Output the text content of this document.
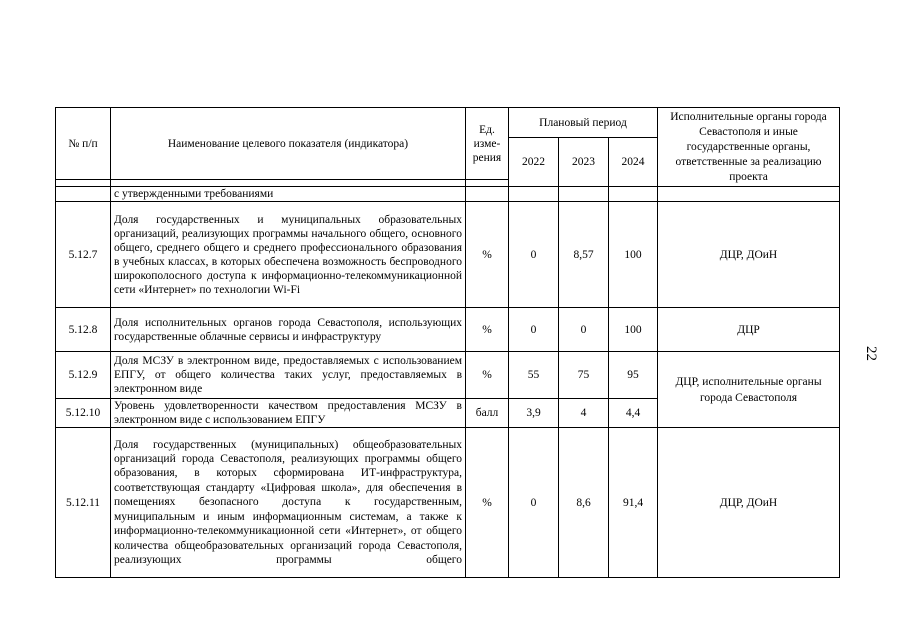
№ п/п	Наименование целевого показателя (индикатора)	Ед. изме-рения	Плановый период			Исполнительные органы города Севастополя и иные государственные органы, ответственные за реализацию проекта
			2022	2023	2024	

	с утвержденными требованиями					
5.12.7	Доля государственных и муниципальных образовательных организаций, реализующих программы начального общего, основного общего, среднего общего и среднего профессионального образования в учебных классах, в которых обеспечена возможность беспроводного широкополосного доступа к информационно-телекоммуникационной сети «Интернет» по технологии Wi-Fi	%	0	8,57	100	ДЦР, ДОиН
5.12.8	Доля исполнительных органов города Севастополя, использующих государственные облачные сервисы и инфраструктуру	%	0	0	100	ДЦР
5.12.9	Доля МСЗУ в электронном виде, предоставляемых с использованием ЕПГУ, от общего количества таких услуг, предоставляемых в электронном виде	%	55	75	95	ДЦР, исполнительные органы города Севастополя
5.12.10	Уровень удовлетворенности качеством предоставления МСЗУ в электронном виде с использованием ЕПГУ	балл	3,9	4	4,4	
5.12.11	Доля государственных (муниципальных) общеобразовательных организаций города Севастополя, реализующих программы общего образования, в которых сформирована ИТ-инфраструктура, соответствующая стандарту «Цифровая школа», для обеспечения в помещениях безопасного доступа к государственным, муниципальным и иным информационным системам, а также к информационно-телекоммуникационной сети «Интернет», от общего количества общеобразовательных организаций города Севастополя, реализующих программы общего	%	0	8,6	91,4	ДЦР, ДОиН
22
